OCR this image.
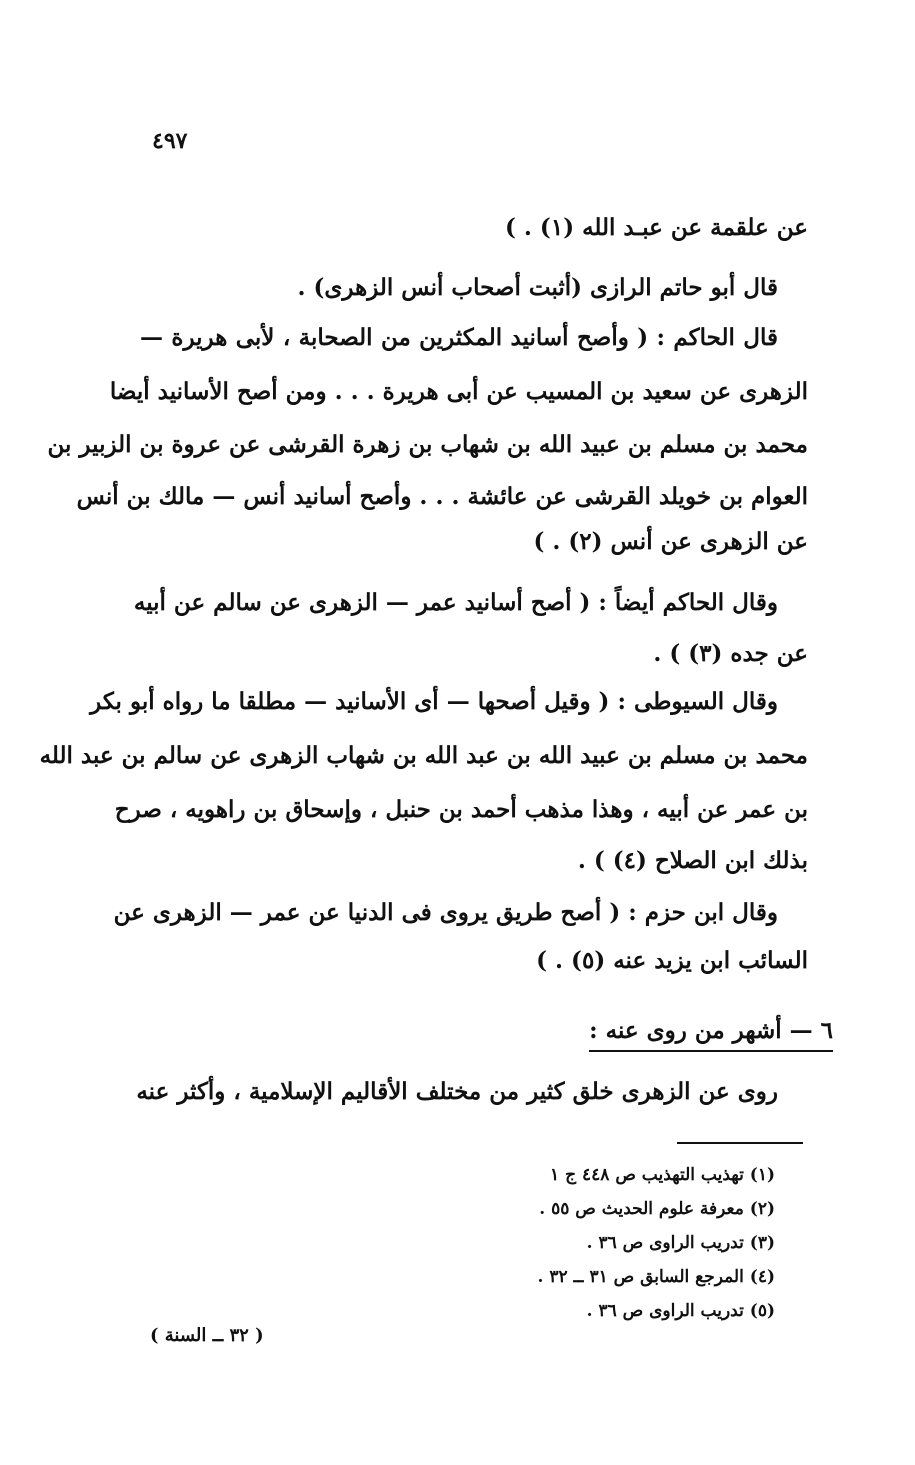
٤٩٧
عن علقمة عن عبـد الله⁠ (١) . )
قال أبو حاتم الرازى (أثبت أصحاب أنس الزهرى) .
قال الحاكم : ( وأصح أسانيد المكثرين من الصحابة ، لأبى هريرة —
الزهرى عن سعيد بن المسيب عن أبى هريرة . . . ومن أصح الأسانيد أيضا
محمد بن مسلم بن عبيد الله بن شهاب بن زهرة القرشى عن عروة بن الزبير بن
العوام بن خويلد القرشى عن عائشة . . . وأصح أسانيد أنس — مالك بن أنس
عن الزهرى عن أنس (٢) . )
وقال الحاكم أيضاً : ( أصح أسانيد عمر — الزهرى عن سالم عن أبيه
عن جده (٣) ) .
وقال السيوطى : ( وقيل أصحها — أى الأسانيد — مطلقا ما رواه أبو بكر
محمد بن مسلم بن عبيد الله بن عبد الله بن شهاب الزهرى عن سالم بن عبد الله
بن عمر عن أبيه ، وهذا مذهب أحمد بن حنبل ، وإسحاق بن راهويه ، صرح
بذلك ابن الصلاح (٤) ) .
وقال ابن حزم : ( أصح طريق يروى فى الدنيا عن عمر — الزهرى عن
السائب ابن يزيد عنه (٥) . )
روى عن الزهرى خلق كثير من مختلف الأقاليم الإسلامية ، وأكثر عنه
٦ — أشهر من روى عنه :
(١) تهذيب التهذيب ص ٤٤٨ ج ١
(٢) معرفة علوم الحديث ص ٥٥ .
(٣) تدريب الراوى ص ٣٦ .
(٤) المرجع السابق ص ٣١ ــ ٣٢ .
(٥) تدريب الراوى ص ٣٦ .
( ٣٢ ــ السنة )
